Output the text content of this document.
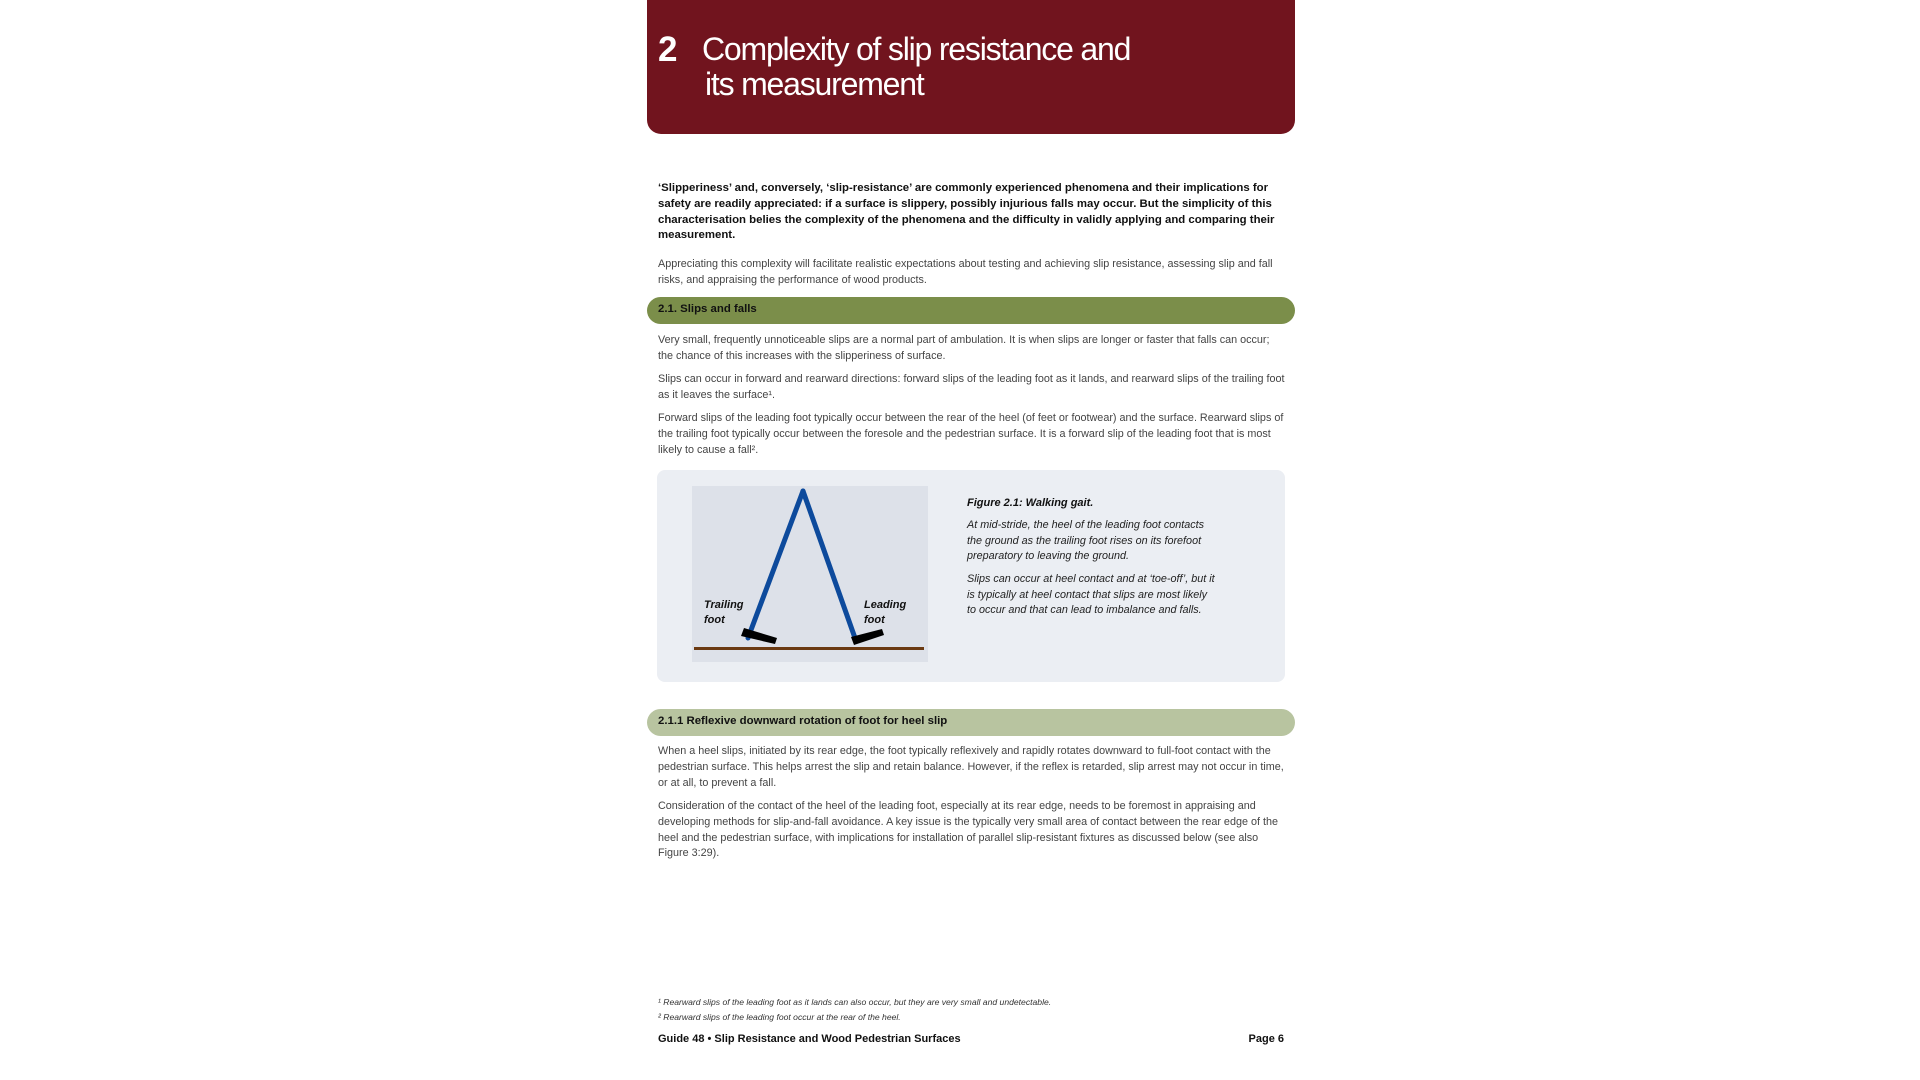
2 Complexity of slip resistance and
its measurement

‘Slipperiness’ and, conversely, ‘slip-resistance’ are commonly experienced phenomena and their implications for safety are readily appreciated: if a surface is slippery, possibly injurious falls may occur. But the simplicity of this characterisation belies the complexity of the phenomena and the difficulty in validly applying and comparing their measurement.

Appreciating this complexity will facilitate realistic expectations about testing and achieving slip resistance, assessing slip and fall risks, and appraising the performance of wood products.

2.1. Slips and falls

Very small, frequently unnoticeable slips are a normal part of ambulation. It is when slips are longer or faster that falls can occur; the chance of this increases with the slipperiness of surface.

Slips can occur in forward and rearward directions: forward slips of the leading foot as it lands, and rearward slips of the trailing foot as it leaves the surface¹.

Forward slips of the leading foot typically occur between the rear of the heel (of feet or footwear) and the surface. Rearward slips of the trailing foot typically occur between the foresole and the pedestrian surface. It is a forward slip of the leading foot that is most likely to cause a fall².

Trailing
foot
Leading
foot
Figure 2.1: Walking gait.

At mid-stride, the heel of the leading foot contacts the ground as the trailing foot rises on its forefoot preparatory to leaving the ground.

Slips can occur at heel contact and at ‘toe-off’, but it is typically at heel contact that slips are most likely to occur and that can lead to imbalance and falls.

2.1.1 Reflexive downward rotation of foot for heel slip

When a heel slips, initiated by its rear edge, the foot typically reflexively and rapidly rotates downward to full-foot contact with the pedestrian surface. This helps arrest the slip and retain balance. However, if the reflex is retarded, slip arrest may not occur in time, or at all, to prevent a fall.

Consideration of the contact of the heel of the leading foot, especially at its rear edge, needs to be foremost in appraising and developing methods for slip-and-fall avoidance. A key issue is the typically very small area of contact between the rear edge of the heel and the pedestrian surface, with implications for installation of parallel slip-resistant fixtures as discussed below (see also Figure 3:29).

¹ Rearward slips of the leading foot as it lands can also occur, but they are very small and undetectable.
² Rearward slips of the leading foot occur at the rear of the heel.
Guide 48 • Slip Resistance and Wood Pedestrian Surfaces	Page 6
